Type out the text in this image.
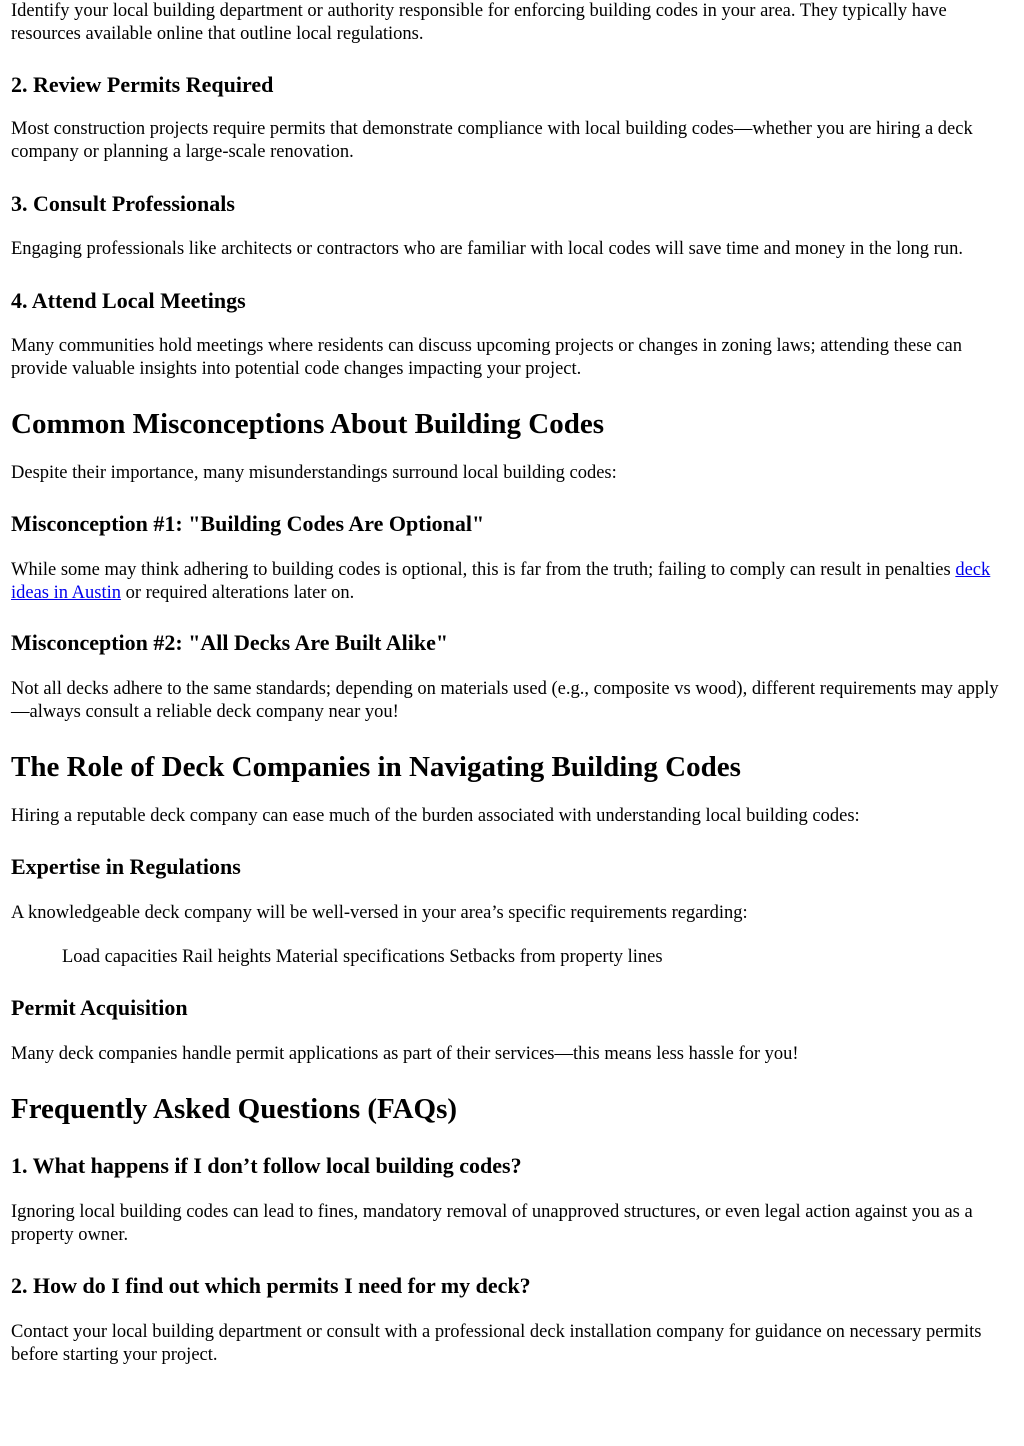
Identify your local building department or authority responsible for enforcing building codes in your area. They typically have resources available online that outline local regulations.

2. Review Permits Required

Most construction projects require permits that demonstrate compliance with local building codes—whether you are hiring a deck company or planning a large-scale renovation.

3. Consult Professionals

Engaging professionals like architects or contractors who are familiar with local codes will save time and money in the long run.

4. Attend Local Meetings

Many communities hold meetings where residents can discuss upcoming projects or changes in zoning laws; attending these can provide valuable insights into potential code changes impacting your project.

Common Misconceptions About Building Codes

Despite their importance, many misunderstandings surround local building codes:

Misconception #1: "Building Codes Are Optional"

While some may think adhering to building codes is optional, this is far from the truth; failing to comply can result in penalties deck ideas in Austin or required alterations later on.

Misconception #2: "All Decks Are Built Alike"

Not all decks adhere to the same standards; depending on materials used (e.g., composite vs wood), different requirements may apply—always consult a reliable deck company near you!

The Role of Deck Companies in Navigating Building Codes

Hiring a reputable deck company can ease much of the burden associated with understanding local building codes:

Expertise in Regulations

A knowledgeable deck company will be well-versed in your area’s specific requirements regarding:

Load capacities Rail heights Material specifications Setbacks from property lines

Permit Acquisition

Many deck companies handle permit applications as part of their services—this means less hassle for you!

Frequently Asked Questions (FAQs)
1. What happens if I don’t follow local building codes?

Ignoring local building codes can lead to fines, mandatory removal of unapproved structures, or even legal action against you as a property owner.

2. How do I find out which permits I need for my deck?

Contact your local building department or consult with a professional deck installation company for guidance on necessary permits before starting your project.
